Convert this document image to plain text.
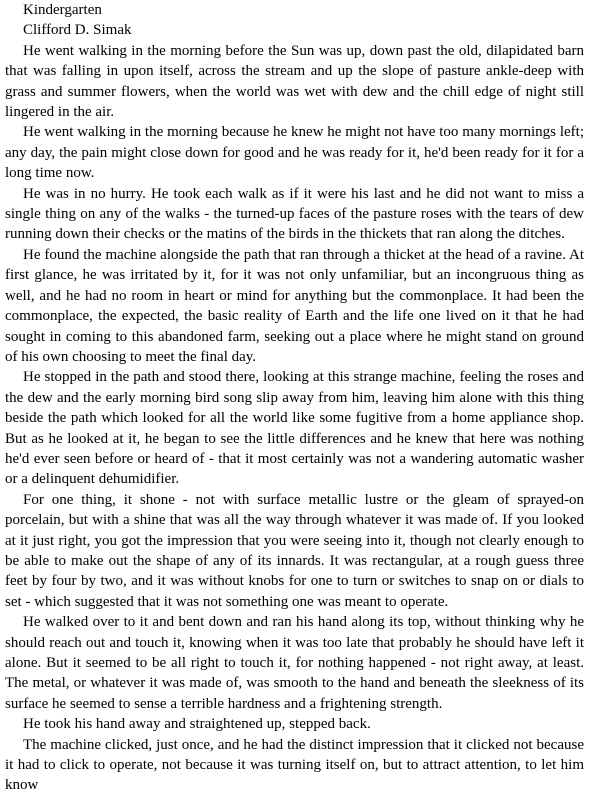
Kindergarten

Clifford D. Simak

He went walking in the morning before the Sun was up, down past the old, dilapidated barn that was falling in upon itself, across the stream and up the slope of pasture ankle-deep with grass and summer flowers, when the world was wet with dew and the chill edge of night still lingered in the air.

He went walking in the morning because he knew he might not have too many mornings left; any day, the pain might close down for good and he was ready for it, he'd been ready for it for a long time now.

He was in no hurry. He took each walk as if it were his last and he did not want to miss a single thing on any of the walks - the turned-up faces of the pasture roses with the tears of dew running down their checks or the matins of the birds in the thickets that ran along the ditches.

He found the machine alongside the path that ran through a thicket at the head of a ravine. At first glance, he was irritated by it, for it was not only unfamiliar, but an incongruous thing as well, and he had no room in heart or mind for anything but the commonplace. It had been the commonplace, the expected, the basic reality of Earth and the life one lived on it that he had sought in coming to this abandoned farm, seeking out a place where he might stand on ground of his own choosing to meet the final day.

He stopped in the path and stood there, looking at this strange machine, feeling the roses and the dew and the early morning bird song slip away from him, leaving him alone with this thing beside the path which looked for all the world like some fugitive from a home appliance shop. But as he looked at it, he began to see the little differences and he knew that here was nothing he'd ever seen before or heard of - that it most certainly was not a wandering automatic washer or a delinquent dehumidifier.

For one thing, it shone - not with surface metallic lustre or the gleam of sprayed-on porcelain, but with a shine that was all the way through whatever it was made of. If you looked at it just right, you got the impression that you were seeing into it, though not clearly enough to be able to make out the shape of any of its innards. It was rectangular, at a rough guess three feet by four by two, and it was without knobs for one to turn or switches to snap on or dials to set - which suggested that it was not something one was meant to operate.

He walked over to it and bent down and ran his hand along its top, without thinking why he should reach out and touch it, knowing when it was too late that probably he should have left it alone. But it seemed to be all right to touch it, for nothing happened - not right away, at least. The metal, or whatever it was made of, was smooth to the hand and beneath the sleekness of its surface he seemed to sense a terrible hardness and a frightening strength.

He took his hand away and straightened up, stepped back.

The machine clicked, just once, and he had the distinct impression that it clicked not because it had to click to operate, not because it was turning itself on, but to attract attention, to let him know
